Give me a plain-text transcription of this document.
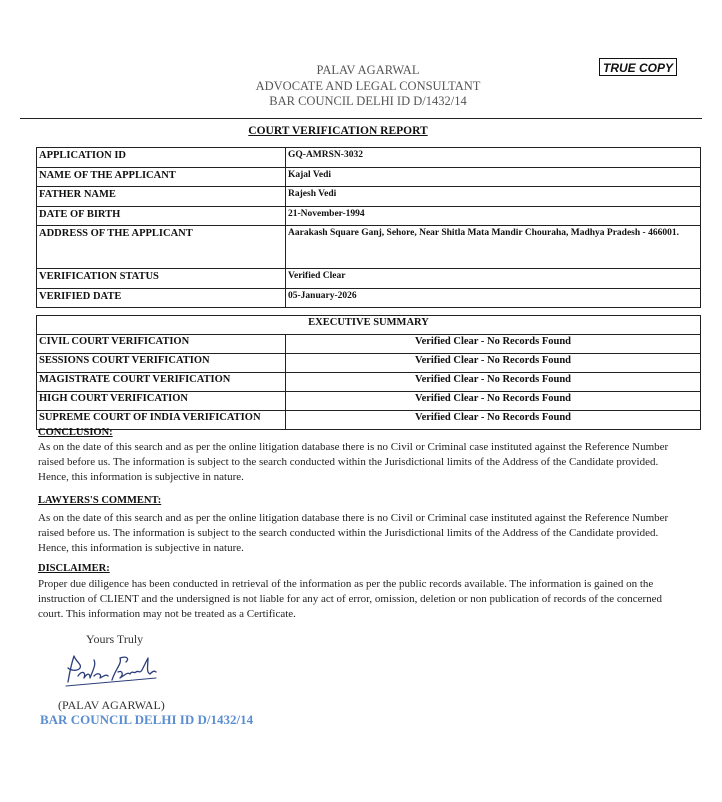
TRUE COPY
PALAV AGARWAL
ADVOCATE AND LEGAL CONSULTANT
BAR COUNCIL DELHI ID D/1432/14
COURT VERIFICATION REPORT
APPLICATION ID	GQ-AMRSN-3032
NAME OF THE APPLICANT	Kajal Vedi
FATHER NAME	Rajesh Vedi
DATE OF BIRTH	21-November-1994
ADDRESS OF THE APPLICANT	Aarakash Square Ganj, Sehore, Near Shitla Mata Mandir Chouraha, Madhya Pradesh - 466001.
VERIFICATION STATUS	Verified Clear
VERIFIED DATE	05-January-2026
EXECUTIVE SUMMARY	
CIVIL COURT VERIFICATION	Verified Clear - No Records Found
SESSIONS COURT VERIFICATION	Verified Clear - No Records Found
MAGISTRATE COURT VERIFICATION	Verified Clear - No Records Found
HIGH COURT VERIFICATION	Verified Clear - No Records Found
SUPREME COURT OF INDIA VERIFICATION	Verified Clear - No Records Found
CONCLUSION:
As on the date of this search and as per the online litigation database there is no Civil or Criminal case instituted against the Reference Number raised before us. The information is subject to the search conducted within the Jurisdictional limits of the Address of the Candidate provided. Hence, this information is subjective in nature.
LAWYERS'S COMMENT:
As on the date of this search and as per the online litigation database there is no Civil or Criminal case instituted against the Reference Number raised before us. The information is subject to the search conducted within the Jurisdictional limits of the Address of the Candidate provided. Hence, this information is subjective in nature.
DISCLAIMER:
Proper due diligence has been conducted in retrieval of the information as per the public records available. The information is gained on the instruction of CLIENT and the undersigned is not liable for any act of error, omission, deletion or non publication of records of the concerned court. This information may not be treated as a Certificate.
Yours Truly
(PALAV AGARWAL)
BAR COUNCIL DELHI ID D/1432/14
